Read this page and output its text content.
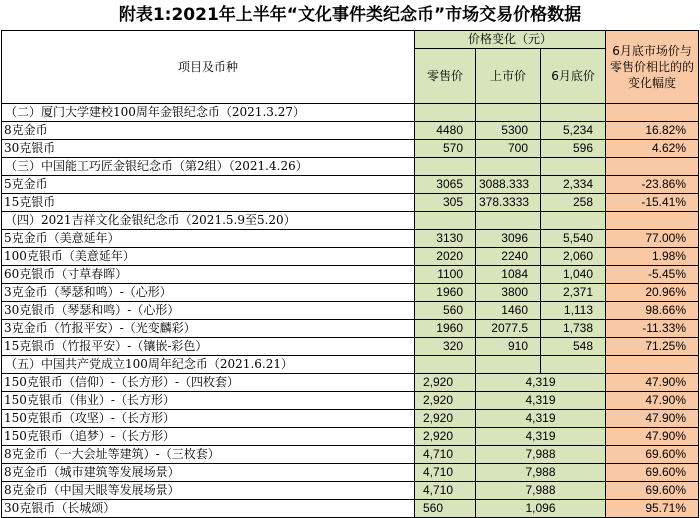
附表1:2021年上半年“文化事件类纪念币”市场交易价格数据
项目及币种	价格变化（元）			6月底市场价与零售价相比的的变化幅度
	零售价	上市价	6月底价	
（二）厦门大学建校100周年金银纪念币（2021.3.27）				
8克金币	4480	5300	5,234	16.82%
30克银币	570	700	596	4.62%
（三）中国能工巧匠金银纪念币（第2组）（2021.4.26）				
5克金币	3065	3088.333	2,334	-23.86%
15克银币	305	378.3333	258	-15.41%
（四）2021吉祥文化金银纪念币（2021.5.9至5.20）				
5克金币（美意延年）	3130	3096	5,540	77.00%
100克银币（美意延年）	2020	2240	2,060	1.98%
60克银币（寸草春晖）	1100	1084	1,040	-5.45%
3克金币（琴瑟和鸣）-（心形）	1960	3800	2,371	20.96%
30克银币（琴瑟和鸣）-（心形）	560	1460	1,113	98.66%
3克金币（竹报平安）-（光变麟彩）	1960	2077.5	1,738	-11.33%
15克银币（竹报平安）-（镶嵌-彩色）	320	910	548	71.25%
（五）中国共产党成立100周年纪念币（2021.6.21）				
150克银币（信仰）-（长方形）-（四枚套）	2,920	4,319		47.90%
150克银币（伟业）-（长方形）	2,920	4,319		47.90%
150克银币（攻坚）-（长方形）	2,920	4,319		47.90%
150克银币（追梦）-（长方形）	2,920	4,319		47.90%
8克金币（一大会址等建筑）-（三枚套）	4,710	7,988		69.60%
8克金币（城市建筑等发展场景）	4,710	7,988		69.60%
8克金币（中国天眼等发展场景）	4,710	7,988		69.60%
30克银币（长城颂）	560	1,096		95.71%
